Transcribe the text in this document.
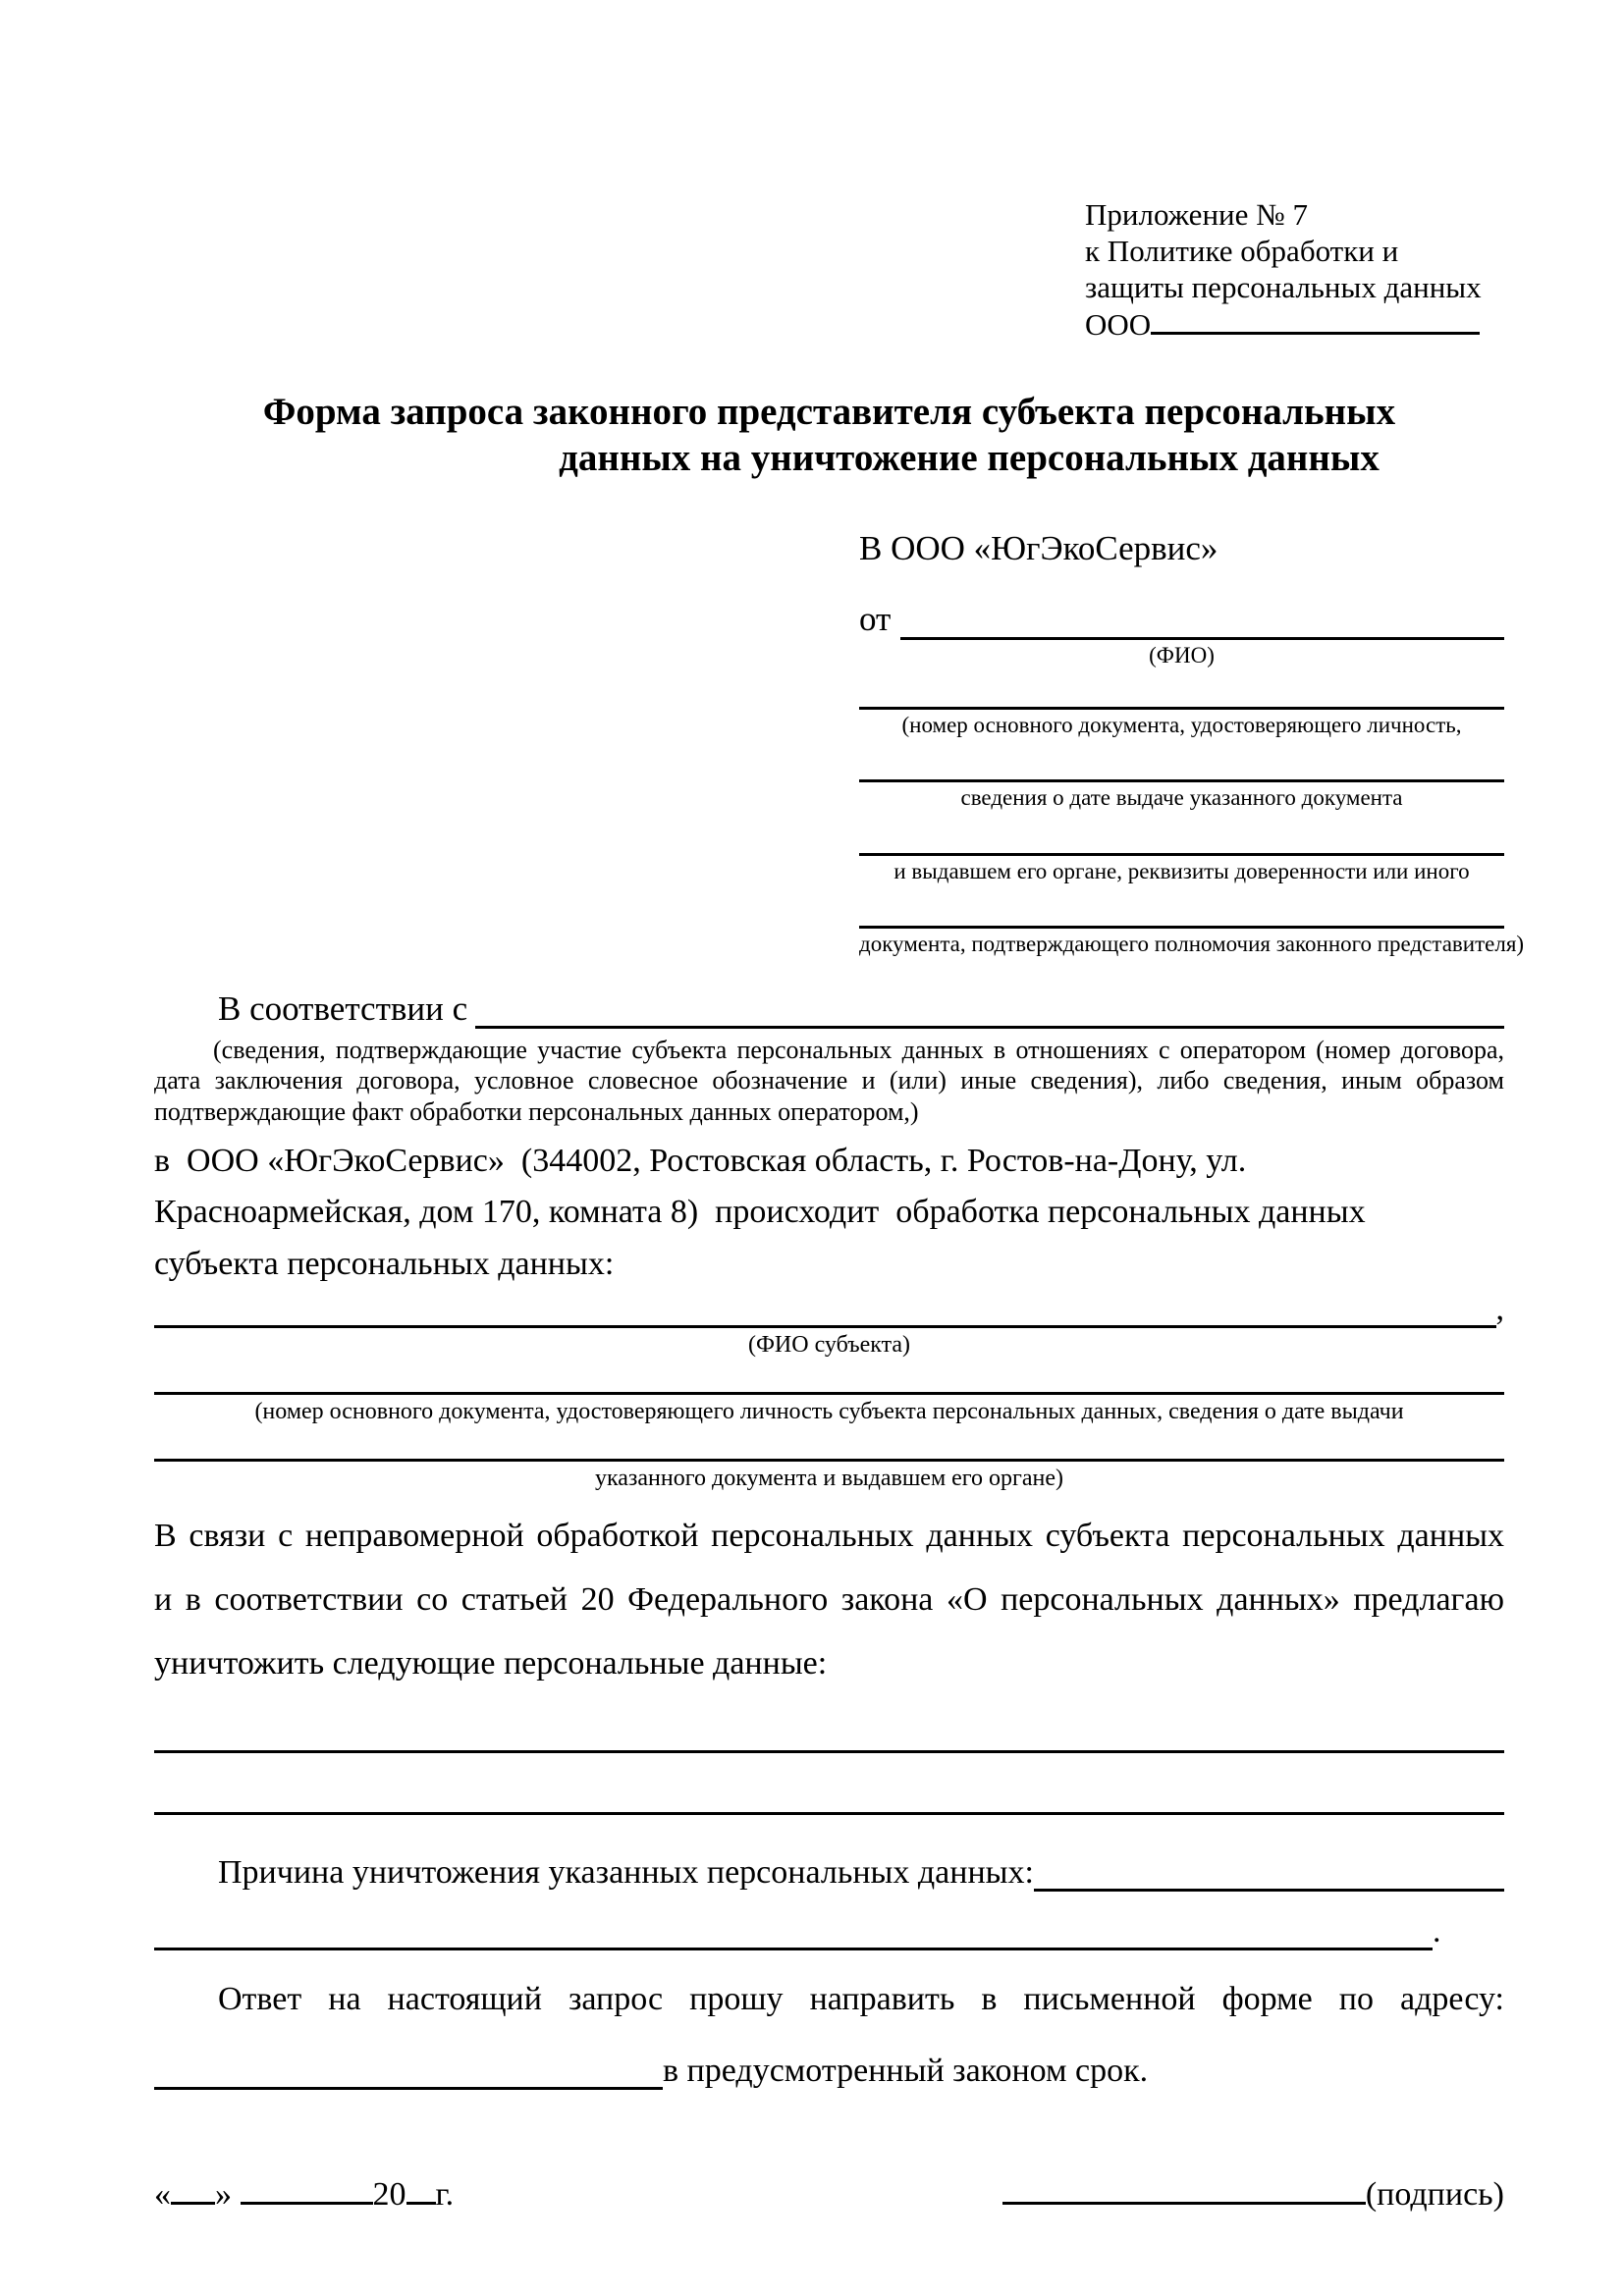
Приложение № 7
к Политике обработки и
защиты персональных данных
ООО
Форма запроса законного представителя субъекта персональных
данных на уничтожение персональных данных
В ООО «ЮгЭкоСервис»
от
(ФИО)
(номер основного документа, удостоверяющего личность,
сведения о дате выдаче указанного документа
и выдавшем его органе, реквизиты доверенности или иного
документа, подтверждающего полномочия законного представителя)
В соответствии с
(сведения, подтверждающие участие субъекта персональных данных в отношениях с оператором (номер договора, дата заключения договора, условное словесное обозначение и (или) иные сведения), либо сведения, иным образом подтверждающие факт обработки персональных данных оператором,)
в  ООО «ЮгЭкоСервис»  (344002, Ростовская область, г. Ростов-на-Дону, ул.
Красноармейская, дом 170, комната 8)  происходит  обработка персональных данных
субъекта персональных данных:
,
(ФИО субъекта)
(номер основного документа, удостоверяющего личность субъекта персональных данных, сведения о дате выдачи
указанного документа и выдавшем его органе)
В связи с неправомерной обработкой персональных данных субъекта персональных данных
и в соответствии со статьей 20 Федерального закона «О персональных данных» предлагаю
уничтожить следующие персональные данные:
Причина уничтожения указанных персональных данных:
.
Ответ на настоящий запрос прошу направить в письменной форме по адресу:
в предусмотренный законом срок.
« »	20 г.	(подпись)
